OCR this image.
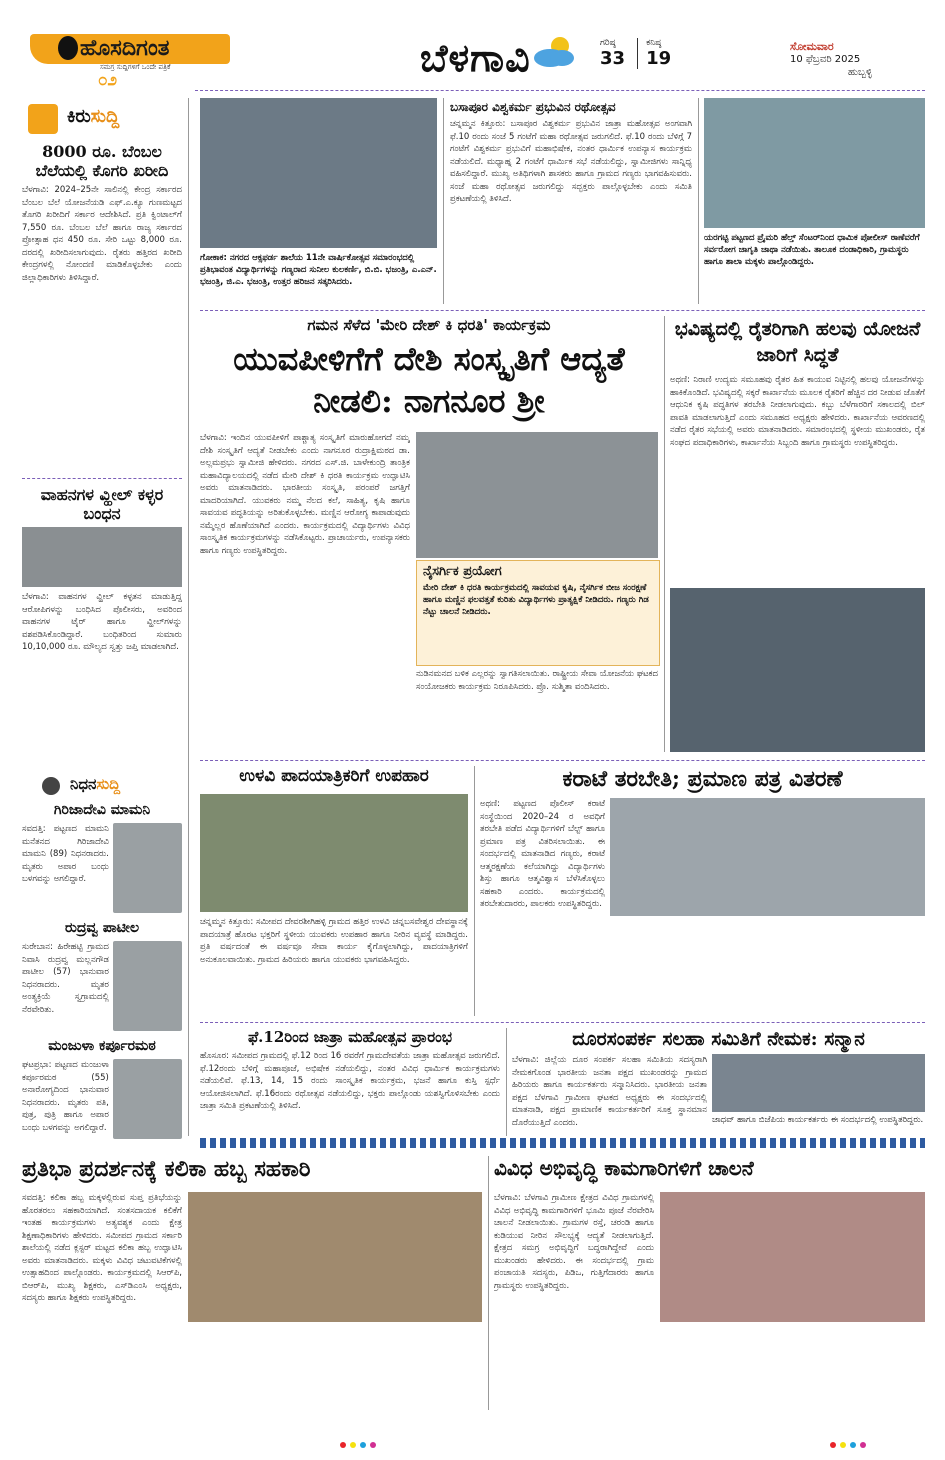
ಹೊಸದಿಗಂತ
ಸಮಗ್ರ ಸುದ್ದಿಗಳಿಗೆ ಒಂದೇ ಪತ್ರಿಕೆ
೦೨	ಬೆಳಗಾವಿ	ಗರಿಷ್ಠ
33
ಕನಿಷ್ಠ
19
ಸೋಮವಾರ
10 ಫೆಬ್ರವರಿ 2025
ಹುಬ್ಬಳ್ಳಿ
ಕಿರುಸುದ್ದಿ
8000 ರೂ. ಬೆಂಬಲ ಬೆಲೆಯಲ್ಲಿ ಕೊಗರಿ ಖರೀದಿ
ಬೆಳಗಾವಿ: 2024–25ನೇ ಸಾಲಿನಲ್ಲಿ ಕೇಂದ್ರ ಸರ್ಕಾರದ ಬೆಂಬಲ ಬೆಲೆ ಯೋಜನೆಯಡಿ ಎಫ್.ಎ.ಕ್ಯೂ ಗುಣಮಟ್ಟದ ತೊಗರಿ ಖರೀದಿಗೆ ಸರ್ಕಾರ ಆದೇಶಿಸಿದೆ. ಪ್ರತಿ ಕ್ವಿಂಟಾಲ್‌ಗೆ 7,550 ರೂ. ಬೆಂಬಲ ಬೆಲೆ ಹಾಗೂ ರಾಜ್ಯ ಸರ್ಕಾರದ ಪ್ರೋತ್ಸಾಹ ಧನ 450 ರೂ. ಸೇರಿ ಒಟ್ಟು 8,000 ರೂ. ದರದಲ್ಲಿ ಖರೀದಿಸಲಾಗುವುದು. ರೈತರು ಹತ್ತಿರದ ಖರೀದಿ ಕೇಂದ್ರಗಳಲ್ಲಿ ನೋಂದಣಿ ಮಾಡಿಕೊಳ್ಳಬೇಕು ಎಂದು ಜಿಲ್ಲಾಧಿಕಾರಿಗಳು ತಿಳಿಸಿದ್ದಾರೆ.
ವಾಹನಗಳ ವ್ಹೀಲ್ ಕಳ್ಳರ ಬಂಧನ
ಬೆಳಗಾವಿ: ವಾಹನಗಳ ವ್ಹೀಲ್ ಕಳ್ಳತನ ಮಾಡುತ್ತಿದ್ದ ಆರೋಪಿಗಳನ್ನು ಬಂಧಿಸಿದ ಪೊಲೀಸರು, ಅವರಿಂದ ವಾಹನಗಳ ಟೈರ್ ಹಾಗೂ ವ್ಹೀಲ್‌ಗಳನ್ನು ವಶಪಡಿಸಿಕೊಂಡಿದ್ದಾರೆ. ಬಂಧಿತರಿಂದ ಸುಮಾರು 10,10,000 ರೂ. ಮೌಲ್ಯದ ಸ್ವತ್ತು ಜಪ್ತಿ ಮಾಡಲಾಗಿದೆ.
ನಿಧನಸುದ್ದಿ
ಗಿರಿಜಾದೇವಿ ಮಾಮನಿ
ಸವದತ್ತಿ: ಪಟ್ಟಣದ ಮಾಮನಿ ಮನೆತನದ ಗಿರಿಜಾದೇವಿ ಮಾಮನಿ (89) ನಿಧನರಾದರು. ಮೃತರು ಅಪಾರ ಬಂಧು ಬಳಗವನ್ನು ಅಗಲಿದ್ದಾರೆ.
ರುದ್ರವ್ವ ಪಾಟೀಲ
ಸುರೇಬಾನ: ಹಿರೇಹಟ್ಟಿ ಗ್ರಾಮದ ನಿವಾಸಿ ರುದ್ರವ್ವ ಮಲ್ಲನಗೌಡ ಪಾಟೀಲ (57) ಭಾನುವಾರ ನಿಧನರಾದರು. ಮೃತರ ಅಂತ್ಯಕ್ರಿಯೆ ಸ್ವಗ್ರಾಮದಲ್ಲಿ ನೆರವೇರಿತು.
ಮಂಜುಳಾ ಕರ್ಪೂರಮಠ
ಘಟಪ್ರಭಾ: ಪಟ್ಟಣದ ಮಂಜುಳಾ ಕರ್ಪೂರಮಠ (55) ಅನಾರೋಗ್ಯದಿಂದ ಭಾನುವಾರ ನಿಧನರಾದರು. ಮೃತರು ಪತಿ, ಪುತ್ರ, ಪುತ್ರಿ ಹಾಗೂ ಅಪಾರ ಬಂಧು ಬಳಗವನ್ನು ಅಗಲಿದ್ದಾರೆ.
ಗೋಕಾಕ: ನಗರದ ಆಕ್ಸಫರ್ಡ ಶಾಲೆಯ 11ನೇ ವಾರ್ಷಿಕೋತ್ಸವ ಸಮಾರಂಭದಲ್ಲಿ ಪ್ರತಿಭಾವಂತ ವಿದ್ಯಾರ್ಥಿಗಳನ್ನು ಗಣ್ಯರಾದ ಸುನೀಲ ಕುಲಕರ್ಣಿ, ಬಿ.ಬಿ. ಭಜಂತ್ರಿ, ಎ.ಎನ್. ಭಜಂತ್ರಿ, ಜಿ.ಎ. ಭಜಂತ್ರಿ, ಉತ್ತರ ಹರಿಜನ ಸತ್ಕರಿಸಿದರು.
ಬಸಾಪೂರ ವಿಶ್ವಕರ್ಮ ಪ್ರಭುವಿನ ರಥೋತ್ಸವ
ಚನ್ನಮ್ಮನ ಕಿತ್ತೂರು: ಬಸಾಪೂರ ವಿಶ್ವಕರ್ಮ ಪ್ರಭುವಿನ ಜಾತ್ರಾ ಮಹೋತ್ಸವ ಅಂಗವಾಗಿ ಫೆ.10 ರಂದು ಸಂಜೆ 5 ಗಂಟೆಗೆ ಮಹಾ ರಥೋತ್ಸವ ಜರುಗಲಿದೆ. ಫೆ.10 ರಂದು ಬೆಳಿಗ್ಗೆ 7 ಗಂಟೆಗೆ ವಿಶ್ವಕರ್ಮ ಪ್ರಭುವಿಗೆ ಮಹಾಭಿಷೇಕ, ನಂತರ ಧಾರ್ಮಿಕ ಉಪನ್ಯಾಸ ಕಾರ್ಯಕ್ರಮ ನಡೆಯಲಿದೆ. ಮಧ್ಯಾಹ್ನ 2 ಗಂಟೆಗೆ ಧಾರ್ಮಿಕ ಸಭೆ ನಡೆಯಲಿದ್ದು, ಸ್ವಾಮೀಜಿಗಳು ಸಾನ್ನಿಧ್ಯ ವಹಿಸಲಿದ್ದಾರೆ. ಮುಖ್ಯ ಅತಿಥಿಗಳಾಗಿ ಶಾಸಕರು ಹಾಗೂ ಗ್ರಾಮದ ಗಣ್ಯರು ಭಾಗವಹಿಸುವರು. ಸಂಜೆ ಮಹಾ ರಥೋತ್ಸವ ಜರುಗಲಿದ್ದು ಸದ್ಭಕ್ತರು ಪಾಲ್ಗೊಳ್ಳಬೇಕು ಎಂದು ಸಮಿತಿ ಪ್ರಕಟಣೆಯಲ್ಲಿ ತಿಳಿಸಿದೆ.
ಯರಗಟ್ಟಿ ಪಟ್ಟಣದ ಪ್ರೈಮರಿ ಹೆಲ್ತ್ ಸೆಂಟರ್‌ನಿಂದ ಧಾಮಿಕ ಪೋಲೀಸ್ ಠಾಣೆವರೆಗೆ ಸರ್ವರೋಗ ಜಾಗೃತಿ ಜಾಥಾ ನಡೆಯಿತು. ತಾಲೂಕ ದಂಡಾಧಿಕಾರಿ, ಗ್ರಾಮಸ್ಥರು ಹಾಗೂ ಶಾಲಾ ಮಕ್ಕಳು ಪಾಲ್ಗೊಂಡಿದ್ದರು.
ಗಮನ ಸೆಳೆದ 'ಮೇರಿ ದೇಶ್ ಕಿ ಧರತಿ' ಕಾರ್ಯಕ್ರಮ
ಯುವಪೀಳಿಗೆಗೆ ದೇಶಿ ಸಂಸ್ಕೃತಿಗೆ ಆದ್ಯತೆ ನೀಡಲಿ: ನಾಗನೂರ ಶ್ರೀ
ಬೆಳಗಾವಿ: ಇಂದಿನ ಯುವಪೀಳಿಗೆ ಪಾಶ್ಚಾತ್ಯ ಸಂಸ್ಕೃತಿಗೆ ಮಾರುಹೋಗದೆ ನಮ್ಮ ದೇಶಿ ಸಂಸ್ಕೃತಿಗೆ ಆದ್ಯತೆ ನೀಡಬೇಕು ಎಂದು ನಾಗನೂರ ರುದ್ರಾಕ್ಷಿಮಠದ ಡಾ. ಅಲ್ಲಮಪ್ರಭು ಸ್ವಾಮೀಜಿ ಹೇಳಿದರು. ನಗರದ ಎಸ್.ಜಿ. ಬಾಳೇಕುಂದ್ರಿ ತಾಂತ್ರಿಕ ಮಹಾವಿದ್ಯಾಲಯದಲ್ಲಿ ನಡೆದ ಮೇರಿ ದೇಶ್ ಕಿ ಧರತಿ ಕಾರ್ಯಕ್ರಮ ಉದ್ಘಾಟಿಸಿ ಅವರು ಮಾತನಾಡಿದರು. ಭಾರತೀಯ ಸಂಸ್ಕೃತಿ, ಪರಂಪರೆ ಜಗತ್ತಿಗೆ ಮಾದರಿಯಾಗಿದೆ. ಯುವಕರು ನಮ್ಮ ನೆಲದ ಕಲೆ, ಸಾಹಿತ್ಯ, ಕೃಷಿ ಹಾಗೂ ಸಾವಯವ ಪದ್ಧತಿಯನ್ನು ಅರಿತುಕೊಳ್ಳಬೇಕು. ಮಣ್ಣಿನ ಆರೋಗ್ಯ ಕಾಪಾಡುವುದು ನಮ್ಮೆಲ್ಲರ ಹೊಣೆಯಾಗಿದೆ ಎಂದರು. ಕಾರ್ಯಕ್ರಮದಲ್ಲಿ ವಿದ್ಯಾರ್ಥಿಗಳು ವಿವಿಧ ಸಾಂಸ್ಕೃತಿಕ ಕಾರ್ಯಕ್ರಮಗಳನ್ನು ನಡೆಸಿಕೊಟ್ಟರು. ಪ್ರಾಚಾರ್ಯರು, ಉಪನ್ಯಾಸಕರು ಹಾಗೂ ಗಣ್ಯರು ಉಪಸ್ಥಿತರಿದ್ದರು.
ನೈಸರ್ಗಿಕ ಪ್ರಯೋಗ
ಮೇರಿ ದೇಶ್ ಕಿ ಧರತಿ ಕಾರ್ಯಕ್ರಮದಲ್ಲಿ ಸಾವಯವ ಕೃಷಿ, ನೈಸರ್ಗಿಕ ಬೀಜ ಸಂರಕ್ಷಣೆ ಹಾಗೂ ಮಣ್ಣಿನ ಫಲವತ್ತತೆ ಕುರಿತು ವಿದ್ಯಾರ್ಥಿಗಳು ಪ್ರಾತ್ಯಕ್ಷಿಕೆ ನೀಡಿದರು. ಗಣ್ಯರು ಗಿಡ ನೆಟ್ಟು ಚಾಲನೆ ನೀಡಿದರು.
ನುಡಿನಮನದ ಬಳಿಕ ಎಲ್ಲರನ್ನು ಸ್ವಾಗತಿಸಲಾಯಿತು. ರಾಷ್ಟ್ರೀಯ ಸೇವಾ ಯೋಜನೆಯ ಘಟಕದ ಸಂಯೋಜಕರು ಕಾರ್ಯಕ್ರಮ ನಿರೂಪಿಸಿದರು. ಪ್ರೊ. ಸುಶ್ಮಿತಾ ವಂದಿಸಿದರು.
ಭವಿಷ್ಯದಲ್ಲಿ ರೈತರಿಗಾಗಿ ಹಲವು ಯೋಜನೆ ಜಾರಿಗೆ ಸಿದ್ಧತೆ
ಅಥಣಿ: ನಿರಾಣಿ ಉದ್ಯಮ ಸಮೂಹವು ರೈತರ ಹಿತ ಕಾಯುವ ನಿಟ್ಟಿನಲ್ಲಿ ಹಲವು ಯೋಜನೆಗಳನ್ನು ಹಾಕಿಕೊಂಡಿದೆ. ಭವಿಷ್ಯದಲ್ಲಿ ಸಕ್ಕರೆ ಕಾರ್ಖಾನೆಯ ಮೂಲಕ ರೈತರಿಗೆ ಹೆಚ್ಚಿನ ದರ ನೀಡುವ ಜೊತೆಗೆ ಆಧುನಿಕ ಕೃಷಿ ಪದ್ಧತಿಗಳ ತರಬೇತಿ ನೀಡಲಾಗುವುದು. ಕಬ್ಬು ಬೆಳೆಗಾರರಿಗೆ ಸಕಾಲದಲ್ಲಿ ಬಿಲ್ ಪಾವತಿ ಮಾಡಲಾಗುತ್ತಿದೆ ಎಂದು ಸಮೂಹದ ಅಧ್ಯಕ್ಷರು ಹೇಳಿದರು. ಕಾರ್ಖಾನೆಯ ಆವರಣದಲ್ಲಿ ನಡೆದ ರೈತರ ಸಭೆಯಲ್ಲಿ ಅವರು ಮಾತನಾಡಿದರು. ಸಮಾರಂಭದಲ್ಲಿ ಸ್ಥಳೀಯ ಮುಖಂಡರು, ರೈತ ಸಂಘದ ಪದಾಧಿಕಾರಿಗಳು, ಕಾರ್ಖಾನೆಯ ಸಿಬ್ಬಂದಿ ಹಾಗೂ ಗ್ರಾಮಸ್ಥರು ಉಪಸ್ಥಿತರಿದ್ದರು.
ಉಳವಿ ಪಾದಯಾತ್ರಿಕರಿಗೆ ಉಪಹಾರ
ಚನ್ನಮ್ಮನ ಕಿತ್ತೂರು: ಸಮೀಪದ ದೇವರಶೀಗಿಹಳ್ಳಿ ಗ್ರಾಮದ ಹತ್ತಿರ ಉಳವಿ ಚನ್ನಬಸವೇಶ್ವರ ದೇವಸ್ಥಾನಕ್ಕೆ ಪಾದಯಾತ್ರೆ ಹೊರಟ ಭಕ್ತರಿಗೆ ಸ್ಥಳೀಯ ಯುವಕರು ಉಪಹಾರ ಹಾಗೂ ನೀರಿನ ವ್ಯವಸ್ಥೆ ಮಾಡಿದ್ದರು. ಪ್ರತಿ ವರ್ಷದಂತೆ ಈ ವರ್ಷವೂ ಸೇವಾ ಕಾರ್ಯ ಕೈಗೊಳ್ಳಲಾಗಿದ್ದು, ಪಾದಯಾತ್ರಿಗಳಿಗೆ ಅನುಕೂಲವಾಯಿತು. ಗ್ರಾಮದ ಹಿರಿಯರು ಹಾಗೂ ಯುವಕರು ಭಾಗವಹಿಸಿದ್ದರು.
ಕರಾಟೆ ತರಬೇತಿ; ಪ್ರಮಾಣ ಪತ್ರ ವಿತರಣೆ
ಅಥಣಿ: ಪಟ್ಟಣದ ಪೊಲೀಸ್ ಕರಾಟೆ ಸಂಸ್ಥೆಯಿಂದ 2020–24 ರ ಅವಧಿಗೆ ತರಬೇತಿ ಪಡೆದ ವಿದ್ಯಾರ್ಥಿಗಳಿಗೆ ಬೆಲ್ಟ್ ಹಾಗೂ ಪ್ರಮಾಣ ಪತ್ರ ವಿತರಿಸಲಾಯಿತು. ಈ ಸಂದರ್ಭದಲ್ಲಿ ಮಾತನಾಡಿದ ಗಣ್ಯರು, ಕರಾಟೆ ಆತ್ಮರಕ್ಷಣೆಯ ಕಲೆಯಾಗಿದ್ದು ವಿದ್ಯಾರ್ಥಿಗಳು ಶಿಸ್ತು ಹಾಗೂ ಆತ್ಮವಿಶ್ವಾಸ ಬೆಳೆಸಿಕೊಳ್ಳಲು ಸಹಕಾರಿ ಎಂದರು. ಕಾರ್ಯಕ್ರಮದಲ್ಲಿ ತರಬೇತುದಾರರು, ಪಾಲಕರು ಉಪಸ್ಥಿತರಿದ್ದರು.
ಫೆ.12ರಿಂದ ಜಾತ್ರಾ ಮಹೋತ್ಸವ ಪ್ರಾರಂಭ
ಹೊಸೂರ: ಸಮೀಪದ ಗ್ರಾಮದಲ್ಲಿ ಫೆ.12 ರಿಂದ 16 ರವರೆಗೆ ಗ್ರಾಮದೇವತೆಯ ಜಾತ್ರಾ ಮಹೋತ್ಸವ ಜರುಗಲಿದೆ. ಫೆ.12ರಂದು ಬೆಳಿಗ್ಗೆ ಮಹಾಪೂಜೆ, ಅಭಿಷೇಕ ನಡೆಯಲಿದ್ದು, ನಂತರ ವಿವಿಧ ಧಾರ್ಮಿಕ ಕಾರ್ಯಕ್ರಮಗಳು ನಡೆಯಲಿವೆ. ಫೆ.13, 14, 15 ರಂದು ಸಾಂಸ್ಕೃತಿಕ ಕಾರ್ಯಕ್ರಮ, ಭಜನೆ ಹಾಗೂ ಕುಸ್ತಿ ಸ್ಪರ್ಧೆ ಆಯೋಜಿಸಲಾಗಿದೆ. ಫೆ.16ರಂದು ರಥೋತ್ಸವ ನಡೆಯಲಿದ್ದು, ಭಕ್ತರು ಪಾಲ್ಗೊಂಡು ಯಶಸ್ವಿಗೊಳಿಸಬೇಕು ಎಂದು ಜಾತ್ರಾ ಸಮಿತಿ ಪ್ರಕಟಣೆಯಲ್ಲಿ ತಿಳಿಸಿದೆ.
ದೂರಸಂಪರ್ಕ ಸಲಹಾ ಸಮಿತಿಗೆ ನೇಮಕ: ಸನ್ಮಾನ
ಬೆಳಗಾವಿ: ಜಿಲ್ಲೆಯ ದೂರ ಸಂಪರ್ಕ ಸಲಹಾ ಸಮಿತಿಯ ಸದಸ್ಯರಾಗಿ ನೇಮಕಗೊಂಡ ಭಾರತೀಯ ಜನತಾ ಪಕ್ಷದ ಮುಖಂಡರನ್ನು ಗ್ರಾಮದ ಹಿರಿಯರು ಹಾಗೂ ಕಾರ್ಯಕರ್ತರು ಸನ್ಮಾನಿಸಿದರು. ಭಾರತೀಯ ಜನತಾ ಪಕ್ಷದ ಬೆಳಗಾವಿ ಗ್ರಾಮೀಣ ಘಟಕದ ಅಧ್ಯಕ್ಷರು ಈ ಸಂದರ್ಭದಲ್ಲಿ ಮಾತನಾಡಿ, ಪಕ್ಷದ ಪ್ರಾಮಾಣಿಕ ಕಾರ್ಯಕರ್ತರಿಗೆ ಸೂಕ್ತ ಸ್ಥಾನಮಾನ ದೊರೆಯುತ್ತಿದೆ ಎಂದರು.	ಜಾಧವ್ ಹಾಗೂ ಬಿಜೆಪಿಯ ಕಾರ್ಯಕರ್ತರು ಈ ಸಂದರ್ಭದಲ್ಲಿ ಉಪಸ್ಥಿತರಿದ್ದರು.
ಪ್ರತಿಭಾ ಪ್ರದರ್ಶನಕ್ಕೆ ಕಲಿಕಾ ಹಬ್ಬ ಸಹಕಾರಿ
ಸವದತ್ತಿ: ಕಲಿಕಾ ಹಬ್ಬ ಮಕ್ಕಳಲ್ಲಿರುವ ಸುಪ್ತ ಪ್ರತಿಭೆಯನ್ನು ಹೊರತರಲು ಸಹಕಾರಿಯಾಗಿದೆ. ಸಂತಸದಾಯಕ ಕಲಿಕೆಗೆ ಇಂತಹ ಕಾರ್ಯಕ್ರಮಗಳು ಅತ್ಯವಶ್ಯಕ ಎಂದು ಕ್ಷೇತ್ರ ಶಿಕ್ಷಣಾಧಿಕಾರಿಗಳು ಹೇಳಿದರು. ಸಮೀಪದ ಗ್ರಾಮದ ಸರ್ಕಾರಿ ಶಾಲೆಯಲ್ಲಿ ನಡೆದ ಕ್ಲಸ್ಟರ್ ಮಟ್ಟದ ಕಲಿಕಾ ಹಬ್ಬ ಉದ್ಘಾಟಿಸಿ ಅವರು ಮಾತನಾಡಿದರು. ಮಕ್ಕಳು ವಿವಿಧ ಚಟುವಟಿಕೆಗಳಲ್ಲಿ ಉತ್ಸಾಹದಿಂದ ಪಾಲ್ಗೊಂಡರು. ಕಾರ್ಯಕ್ರಮದಲ್ಲಿ ಸಿಆರ್‌ಪಿ, ಬಿಆರ್‌ಪಿ, ಮುಖ್ಯ ಶಿಕ್ಷಕರು, ಎಸ್‌ಡಿಎಂಸಿ ಅಧ್ಯಕ್ಷರು, ಸದಸ್ಯರು ಹಾಗೂ ಶಿಕ್ಷಕರು ಉಪಸ್ಥಿತರಿದ್ದರು.
ವಿವಿಧ ಅಭಿವೃದ್ಧಿ ಕಾಮಗಾರಿಗಳಿಗೆ ಚಾಲನೆ
ಬೆಳಗಾವಿ: ಬೆಳಗಾವಿ ಗ್ರಾಮೀಣ ಕ್ಷೇತ್ರದ ವಿವಿಧ ಗ್ರಾಮಗಳಲ್ಲಿ ವಿವಿಧ ಅಭಿವೃದ್ಧಿ ಕಾಮಗಾರಿಗಳಿಗೆ ಭೂಮಿ ಪೂಜೆ ನೆರವೇರಿಸಿ ಚಾಲನೆ ನೀಡಲಾಯಿತು. ಗ್ರಾಮಗಳ ರಸ್ತೆ, ಚರಂಡಿ ಹಾಗೂ ಕುಡಿಯುವ ನೀರಿನ ಸೌಲಭ್ಯಕ್ಕೆ ಆದ್ಯತೆ ನೀಡಲಾಗುತ್ತಿದೆ. ಕ್ಷೇತ್ರದ ಸಮಗ್ರ ಅಭಿವೃದ್ಧಿಗೆ ಬದ್ಧರಾಗಿದ್ದೇವೆ ಎಂದು ಮುಖಂಡರು ಹೇಳಿದರು. ಈ ಸಂದರ್ಭದಲ್ಲಿ ಗ್ರಾಮ ಪಂಚಾಯತಿ ಸದಸ್ಯರು, ಪಿಡಿಒ, ಗುತ್ತಿಗೆದಾರರು ಹಾಗೂ ಗ್ರಾಮಸ್ಥರು ಉಪಸ್ಥಿತರಿದ್ದರು.
